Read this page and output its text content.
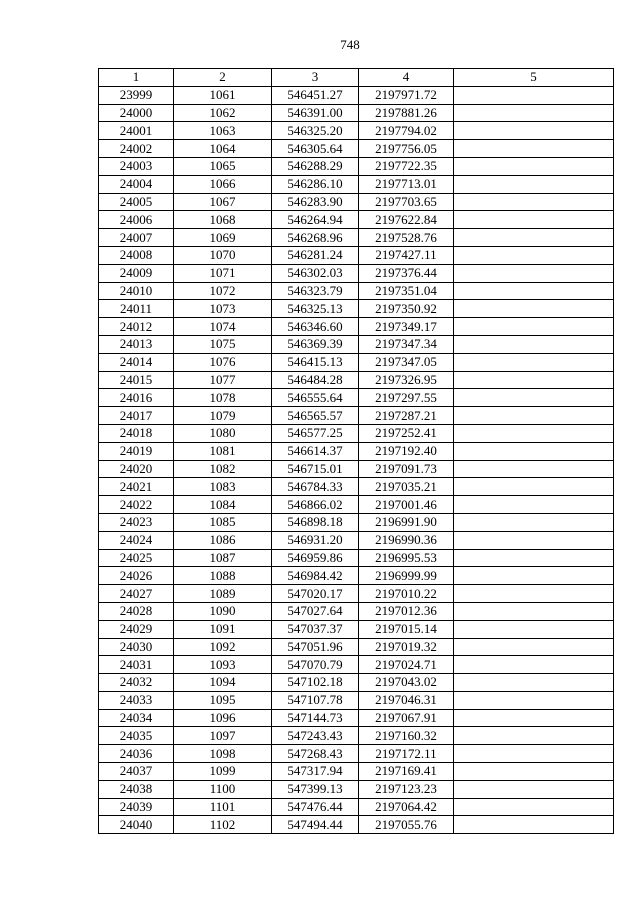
748
1	2	3	4	5
23999	1061	546451.27	2197971.72	
24000	1062	546391.00	2197881.26	
24001	1063	546325.20	2197794.02	
24002	1064	546305.64	2197756.05	
24003	1065	546288.29	2197722.35	
24004	1066	546286.10	2197713.01	
24005	1067	546283.90	2197703.65	
24006	1068	546264.94	2197622.84	
24007	1069	546268.96	2197528.76	
24008	1070	546281.24	2197427.11	
24009	1071	546302.03	2197376.44	
24010	1072	546323.79	2197351.04	
24011	1073	546325.13	2197350.92	
24012	1074	546346.60	2197349.17	
24013	1075	546369.39	2197347.34	
24014	1076	546415.13	2197347.05	
24015	1077	546484.28	2197326.95	
24016	1078	546555.64	2197297.55	
24017	1079	546565.57	2197287.21	
24018	1080	546577.25	2197252.41	
24019	1081	546614.37	2197192.40	
24020	1082	546715.01	2197091.73	
24021	1083	546784.33	2197035.21	
24022	1084	546866.02	2197001.46	
24023	1085	546898.18	2196991.90	
24024	1086	546931.20	2196990.36	
24025	1087	546959.86	2196995.53	
24026	1088	546984.42	2196999.99	
24027	1089	547020.17	2197010.22	
24028	1090	547027.64	2197012.36	
24029	1091	547037.37	2197015.14	
24030	1092	547051.96	2197019.32	
24031	1093	547070.79	2197024.71	
24032	1094	547102.18	2197043.02	
24033	1095	547107.78	2197046.31	
24034	1096	547144.73	2197067.91	
24035	1097	547243.43	2197160.32	
24036	1098	547268.43	2197172.11	
24037	1099	547317.94	2197169.41	
24038	1100	547399.13	2197123.23	
24039	1101	547476.44	2197064.42	
24040	1102	547494.44	2197055.76	
